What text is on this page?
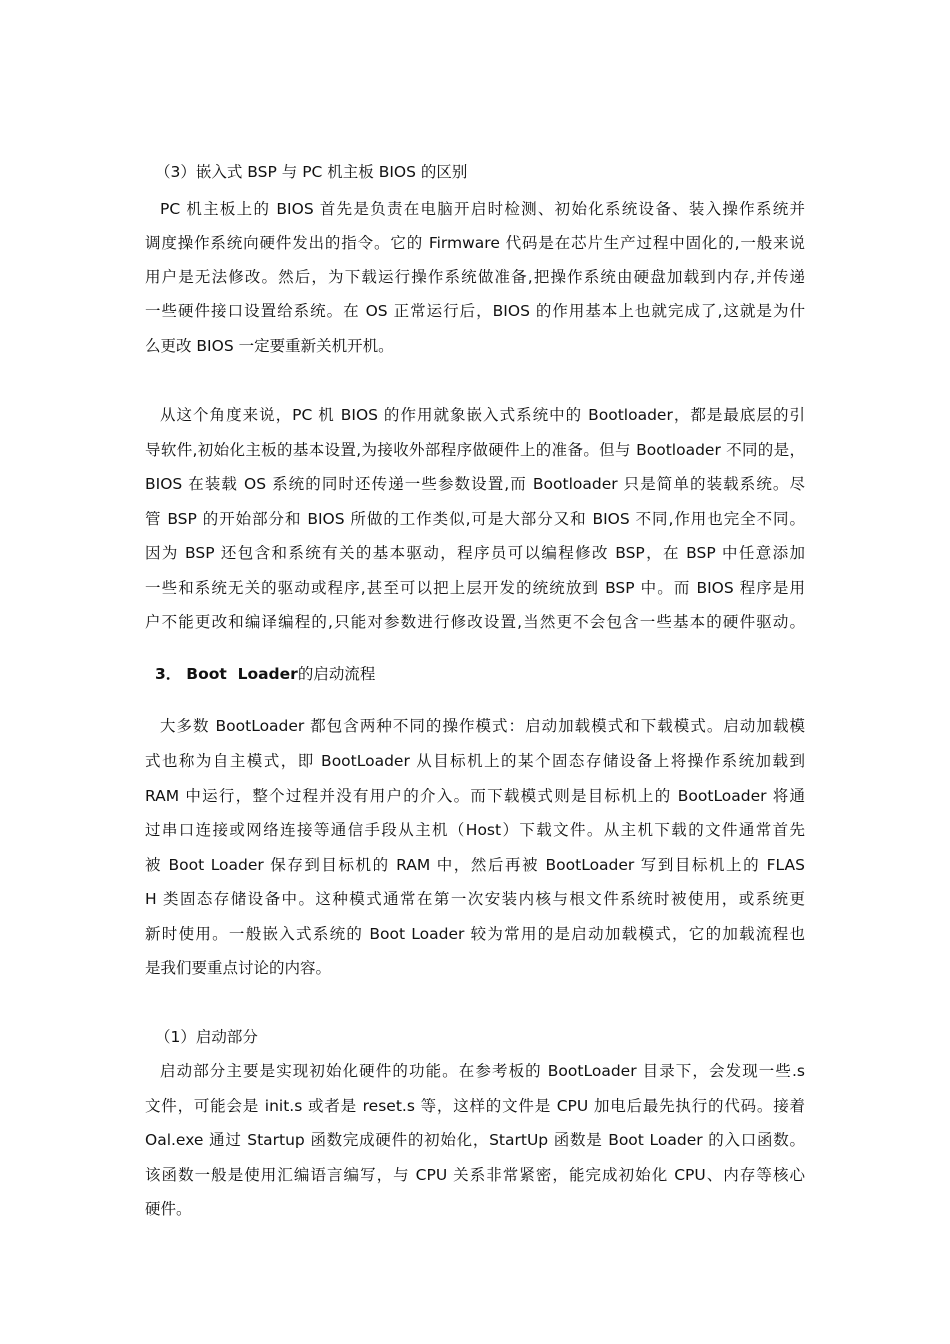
（3）嵌入式 BSP 与 PC 机主板 BIOS 的区别
PC 机主板上的 BIOS 首先是负责在电脑开启时检测、初始化系统设备、装入操作系统并
调度操作系统向硬件发出的指令。它的 Firmware 代码是在芯片生产过程中固化的,一般来说
用户是无法修改。然后，为下载运行操作系统做准备,把操作系统由硬盘加载到内存,并传递
一些硬件接口设置给系统。在 OS 正常运行后，BIOS 的作用基本上也就完成了,这就是为什
么更改 BIOS 一定要重新关机开机。
从这个角度来说，PC 机 BIOS 的作用就象嵌入式系统中的 Bootloader，都是最底层的引
导软件,初始化主板的基本设置,为接收外部程序做硬件上的准备。但与 Bootloader 不同的是，
BIOS 在装载 OS 系统的同时还传递一些参数设置,而 Bootloader 只是简单的装载系统。尽
管 BSP 的开始部分和 BIOS 所做的工作类似,可是大部分又和 BIOS 不同,作用也完全不同。
因为 BSP 还包含和系统有关的基本驱动，程序员可以编程修改 BSP，在 BSP 中任意添加
一些和系统无关的驱动或程序,甚至可以把上层开发的统统放到 BSP 中。而 BIOS 程序是用
户不能更改和编译编程的,只能对参数进行修改设置,当然更不会包含一些基本的硬件驱动。
3． Boot  Loader的启动流程
大多数 BootLoader 都包含两种不同的操作模式：启动加载模式和下载模式。启动加载模
式也称为自主模式，即 BootLoader 从目标机上的某个固态存储设备上将操作系统加载到
RAM 中运行，整个过程并没有用户的介入。而下载模式则是目标机上的 BootLoader 将通
过串口连接或网络连接等通信手段从主机（Host）下载文件。从主机下载的文件通常首先
被 Boot Loader 保存到目标机的 RAM 中，然后再被 BootLoader 写到目标机上的 FLAS
H 类固态存储设备中。这种模式通常在第一次安装内核与根文件系统时被使用，或系统更
新时使用。一般嵌入式系统的 Boot Loader 较为常用的是启动加载模式，它的加载流程也
是我们要重点讨论的内容。
（1）启动部分
启动部分主要是实现初始化硬件的功能。在参考板的 BootLoader 目录下，会发现一些.s
文件，可能会是 init.s 或者是 reset.s 等，这样的文件是 CPU 加电后最先执行的代码。接着
Oal.exe 通过 Startup 函数完成硬件的初始化，StartUp 函数是 Boot Loader 的入口函数。
该函数一般是使用汇编语言编写，与 CPU 关系非常紧密，能完成初始化 CPU、内存等核心
硬件。
